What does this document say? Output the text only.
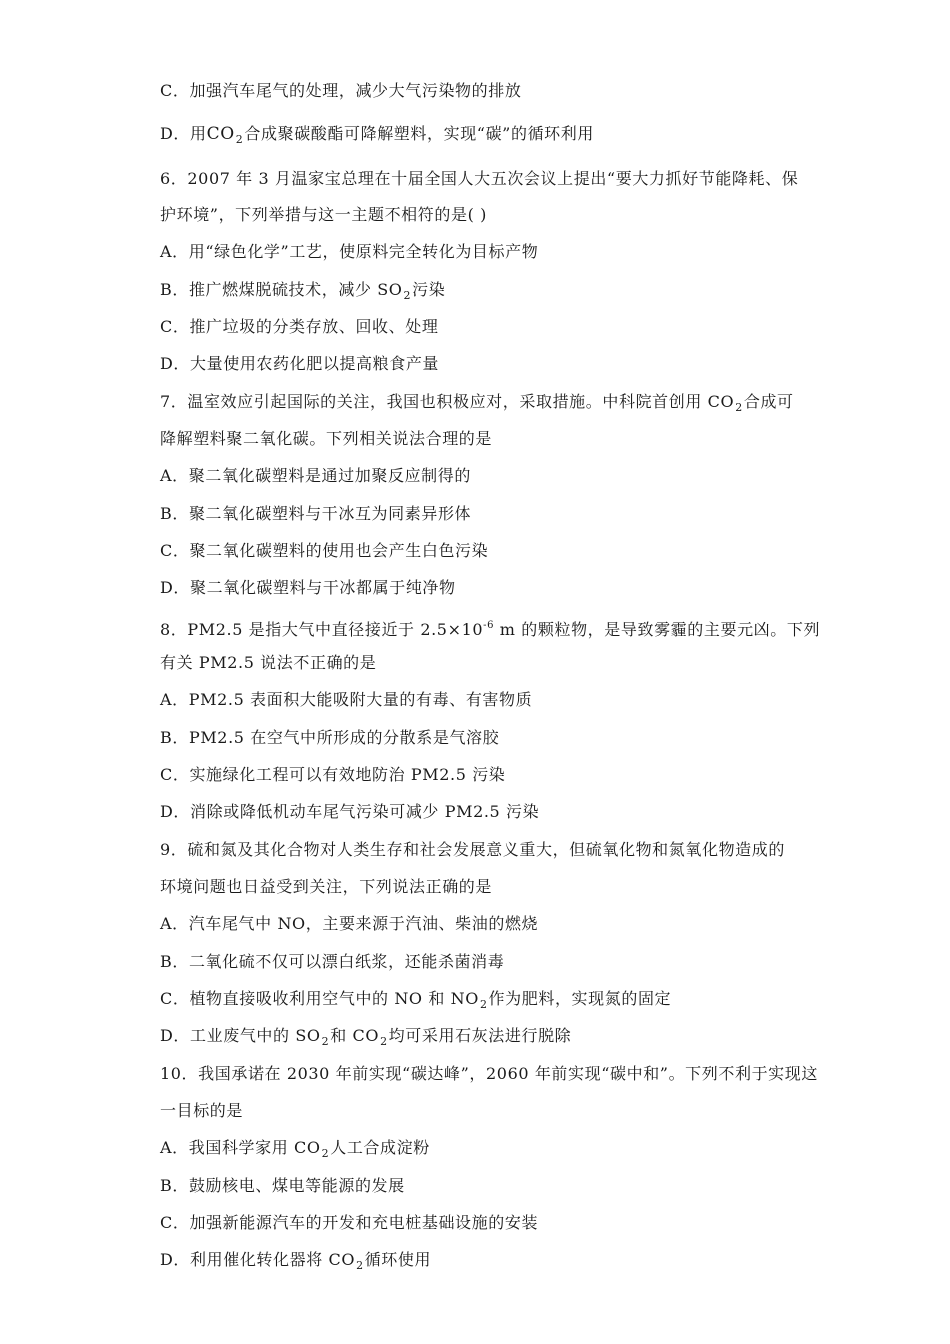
C．加强汽车尾气的处理，减少大气污染物的排放
D．用$CO_2$合成聚碳酸酯可降解塑料，实现“碳”的循环利用
6．2007 年 3 月温家宝总理在十届全国人大五次会议上提出“要大力抓好节能降耗、保
护环境”，下列举措与这一主题不相符的是( )
A．用“绿色化学”工艺，使原料完全转化为目标产物
B．推广燃煤脱硫技术，减少 $SO_2$污染
C．推广垃圾的分类存放、回收、处理
D．大量使用农药化肥以提高粮食产量
7．温室效应引起国际的关注，我国也积极应对，采取措施。中科院首创用 $CO_2$合成可
降解塑料聚二氧化碳。下列相关说法合理的是
A．聚二氧化碳塑料是通过加聚反应制得的
B．聚二氧化碳塑料与干冰互为同素异形体
C．聚二氧化碳塑料的使用也会产生白色污染
D．聚二氧化碳塑料与干冰都属于纯净物
8．PM2.5 是指大气中直径接近于 $2.5\times 10^{-6}$ m 的颗粒物，是导致雾霾的主要元凶。下列
有关 PM2.5 说法不正确的是
A．PM2.5 表面积大能吸附大量的有毒、有害物质
B．PM2.5 在空气中所形成的分散系是气溶胶
C．实施绿化工程可以有效地防治 PM2.5 污染
D．消除或降低机动车尾气污染可减少 PM2.5 污染
9．硫和氮及其化合物对人类生存和社会发展意义重大，但硫氧化物和氮氧化物造成的
环境问题也日益受到关注，下列说法正确的是
A．汽车尾气中 NO，主要来源于汽油、柴油的燃烧
B．二氧化硫不仅可以漂白纸浆，还能杀菌消毒
C．植物直接吸收利用空气中的 NO 和 $NO_2$作为肥料，实现氮的固定
D．工业废气中的 $SO_2$和 $CO_2$均可采用石灰法进行脱除
10．我国承诺在 2030 年前实现“碳达峰”，2060 年前实现“碳中和”。下列不利于实现这
一目标的是
A．我国科学家用 $CO_2$人工合成淀粉
B．鼓励核电、煤电等能源的发展
C．加强新能源汽车的开发和充电桩基础设施的安装
D．利用催化转化器将 $CO_2$循环使用
